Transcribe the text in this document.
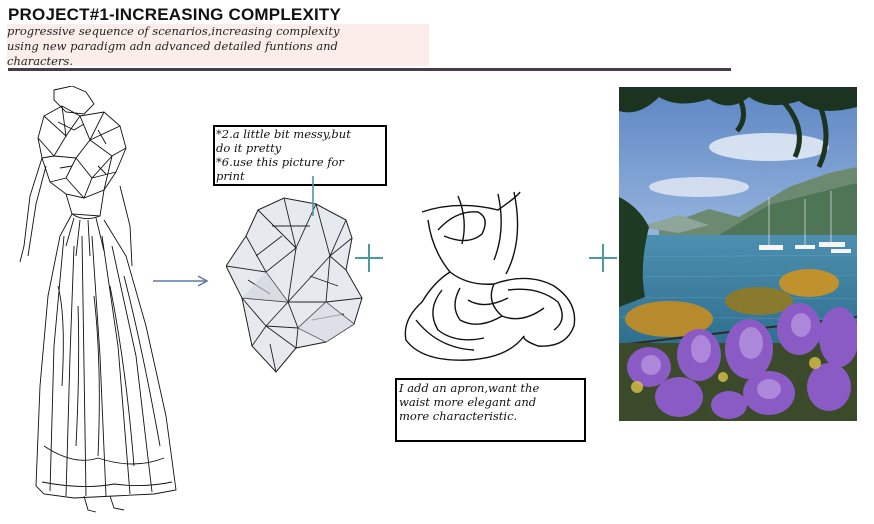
PROJECT#1-INCREASING COMPLEXITY

progressive sequence of scenarios,increasing complexity

using new paradigm adn advanced detailed funtions and

characters.

*2.a little bit messy,but

do it pretty

*6.use this picture for

print

I add an apron,want the

waist more elegant and

more characteristic.
